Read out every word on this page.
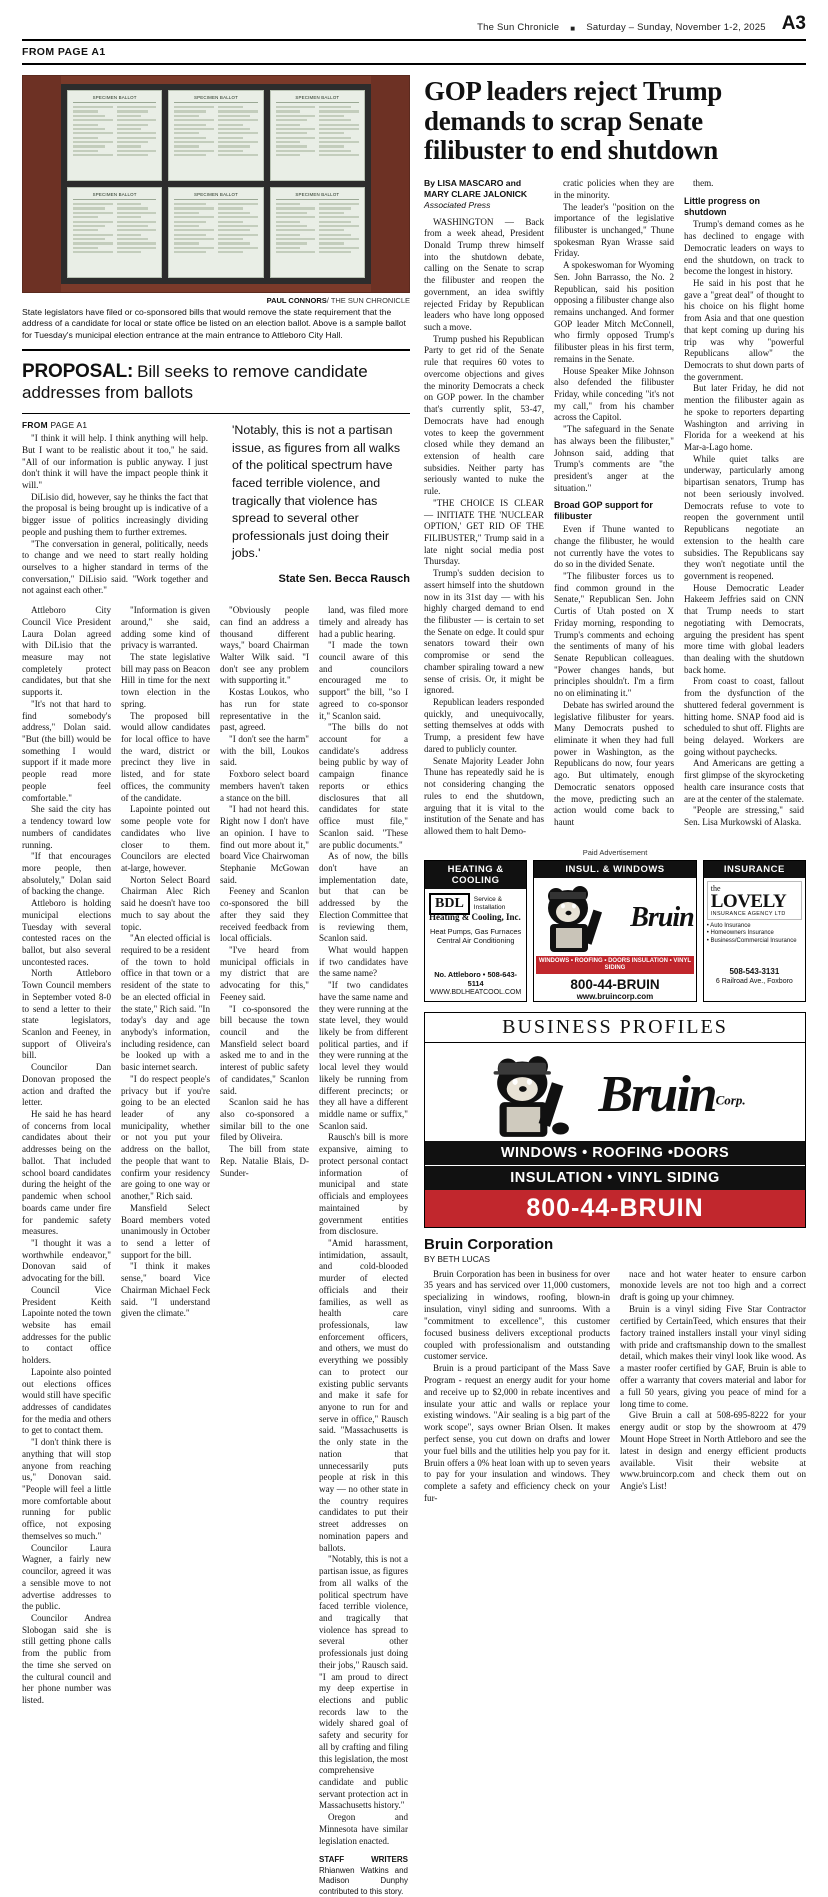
The Sun Chronicle ■ Saturday – Sunday, November 1-2, 2025 A3
FROM PAGE A1
SPECIMEN BALLOT	SPECIMEN BALLOT	SPECIMEN BALLOT
SPECIMEN BALLOT	SPECIMEN BALLOT	SPECIMEN BALLOT
PAUL CONNORS/ THE SUN CHRONICLE
State legislators have filed or co-sponsored bills that would remove the state requirement that the address of a candidate for local or state office be listed on an election ballot. Above is a sample ballot for Tuesday's municipal election entrance at the main entrance to Attleboro City Hall.
PROPOSAL: Bill seeks to remove candidate addresses from ballots
FROM PAGE A1

"I think it will help. I think anything will help. But I want to be realistic about it too," he said. "All of our information is public anyway. I just don't think it will have the impact people think it will."

DiLisio did, however, say he thinks the fact that the proposal is being brought up is indicative of a bigger issue of politics increasingly dividing people and pushing them to further extremes.

"The conversation in general, politically, needs to change and we need to start really holding ourselves to a higher standard in terms of the conversation," DiLisio said. "Work together and not against each other."

'Notably, this is not a partisan issue, as figures from all walks of the political spectrum have faced terrible violence, and tragically that violence has spread to several other professionals just doing their jobs.'
State Sen. Becca Rausch

Attleboro City Council Vice President Laura Dolan agreed with DiLisio that the measure may not completely protect candidates, but that she supports it.

"It's not that hard to find somebody's address," Dolan said. "But (the bill) would be something I would support if it made more people read more people feel comfortable."

She said the city has a tendency toward low numbers of candidates running.

"If that encourages more people, then absolutely," Dolan said of backing the change.

Attleboro is holding municipal elections Tuesday with several contested races on the ballot, but also several uncontested races.

North Attleboro Town Council members in September voted 8-0 to send a letter to their state legislators, Scanlon and Feeney, in support of Oliveira's bill.

Councilor Dan Donovan proposed the action and drafted the letter.

He said he has heard of concerns from local candidates about their addresses being on the ballot. That included school board candidates during the height of the pandemic when school boards came under fire for pandemic safety measures.

"I thought it was a worthwhile endeavor," Donovan said of advocating for the bill.

Council Vice President Keith Lapointe noted the town website has email addresses for the public to contact office holders.

Lapointe also pointed out elections offices would still have specific addresses of candidates for the media and others to get to contact them.

"I don't think there is anything that will stop anyone from reaching us," Donovan said. "People will feel a little more comfortable about running for public office, not exposing themselves so much."

Councilor Laura Wagner, a fairly new councilor, agreed it was a sensible move to not advertise addresses to the public.

Councilor Andrea Slobogan said she is still getting phone calls from the public from the time she served on the cultural council and her phone number was listed.

"Information is given around," she said, adding some kind of privacy is warranted.

The state legislative bill may pass on Beacon Hill in time for the next town election in the spring.

The proposed bill would allow candidates for local office to have the ward, district or precinct they live in listed, and for state offices, the community of the candidate.

Lapointe pointed out some people vote for candidates who live closer to them. Councilors are elected at-large, however.

Norton Select Board Chairman Alec Rich said he doesn't have too much to say about the topic.

"An elected official is required to be a resident of the town to hold office in that town or a resident of the state to be an elected official in the state," Rich said. "In today's day and age anybody's information, including residence, can be looked up with a basic internet search.

"I do respect people's privacy but if you're going to be an elected leader of any municipality, whether or not you put your address on the ballot, the people that want to confirm your residency are going to one way or another," Rich said.

Mansfield Select Board members voted unanimously in October to send a letter of support for the bill.

"I think it makes sense," board Vice Chairman Michael Feck said. "I understand given the climate."

"Obviously people can find an address a thousand different ways," board Chairman Walter Wilk said. "I don't see any problem with supporting it."

Kostas Loukos, who has run for state representative in the past, agreed.

"I don't see the harm" with the bill, Loukos said.

Foxboro select board members haven't taken a stance on the bill.

"I had not heard this. Right now I don't have an opinion. I have to find out more about it," board Vice Chairwoman Stephanie McGowan said.

Feeney and Scanlon co-sponsored the bill after they said they received feedback from local officials.

"I've heard from municipal officials in my district that are advocating for this," Feeney said.

"I co-sponsored the bill because the town council and the Mansfield select board asked me to and in the interest of public safety of candidates," Scanlon said.

Scanlon said he has also co-sponsored a similar bill to the one filed by Oliveira.

The bill from state Rep. Natalie Blais, D-Sunder-

land, was filed more timely and already has had a public hearing.

"I made the town council aware of this and councilors encouraged me to support" the bill, "so I agreed to co-sponsor it," Scanlon said.

"The bills do not account for a candidate's address being public by way of campaign finance reports or ethics disclosures that all candidates for state office must file," Scanlon said. "These are public documents."

As of now, the bills don't have an implementation date, but that can be addressed by the Election Committee that is reviewing them, Scanlon said.

What would happen if two candidates have the same name?

"If two candidates have the same name and they were running at the state level, they would likely be from different political parties, and if they were running at the local level they would likely be running from different precincts; or they all have a different middle name or suffix," Scanlon said.

Rausch's bill is more expansive, aiming to protect personal contact information of municipal and state officials and employees maintained by government entities from disclosure.

"Amid harassment, intimidation, assault, and cold-blooded murder of elected officials and their families, as well as health care professionals, law enforcement officers, and others, we must do everything we possibly can to protect our existing public servants and make it safe for anyone to run for and serve in office," Rausch said. "Massachusetts is the only state in the nation that unnecessarily puts people at risk in this way — no other state in the country requires candidates to put their street addresses on nomination papers and ballots.

"Notably, this is not a partisan issue, as figures from all walks of the political spectrum have faced terrible violence, and tragically that violence has spread to several other professionals just doing their jobs," Rausch said. "I am proud to direct my deep expertise in elections and public records law to the widely shared goal of safety and security for all by crafting and filing this legislation, the most comprehensive candidate and public servant protection act in Massachusetts history."

Oregon and Minnesota have similar legislation enacted.

STAFF WRITERS Rhianwen Watkins and Madison Dunphy contributed to this story.
GOP leaders reject Trump demands to scrap Senate filibuster to end shutdown
By LISA MASCARO and MARY CLARE JALONICK
Associated Press

WASHINGTON — Back from a week ahead, President Donald Trump threw himself into the shutdown debate, calling on the Senate to scrap the filibuster and reopen the government, an idea swiftly rejected Friday by Republican leaders who have long opposed such a move.

Trump pushed his Republican Party to get rid of the Senate rule that requires 60 votes to overcome objections and gives the minority Democrats a check on GOP power. In the chamber that's currently split, 53-47, Democrats have had enough votes to keep the government closed while they demand an extension of health care subsidies. Neither party has seriously wanted to nuke the rule.

"THE CHOICE IS CLEAR — INITIATE THE 'NUCLEAR OPTION,' GET RID OF THE FILIBUSTER," Trump said in a late night social media post Thursday.

Trump's sudden decision to assert himself into the shutdown now in its 31st day — with his highly charged demand to end the filibuster — is certain to set the Senate on edge. It could spur senators toward their own compromise or send the chamber spiraling toward a new sense of crisis. Or, it might be ignored.

Republican leaders responded quickly, and unequivocally, setting themselves at odds with Trump, a president few have dared to publicly counter.

Senate Majority Leader John Thune has repeatedly said he is not considering changing the rules to end the shutdown, arguing that it is vital to the institution of the Senate and has allowed them to halt Demo-

cratic policies when they are in the minority.

The leader's "position on the importance of the legislative filibuster is unchanged," Thune spokesman Ryan Wrasse said Friday.

A spokeswoman for Wyoming Sen. John Barrasso, the No. 2 Republican, said his position opposing a filibuster change also remains unchanged. And former GOP leader Mitch McConnell, who firmly opposed Trump's filibuster pleas in his first term, remains in the Senate.

House Speaker Mike Johnson also defended the filibuster Friday, while conceding "it's not my call," from his chamber across the Capitol.

"The safeguard in the Senate has always been the filibuster," Johnson said, adding that Trump's comments are "the president's anger at the situation."

Broad GOP support for filibuster

Even if Thune wanted to change the filibuster, he would not currently have the votes to do so in the divided Senate.

"The filibuster forces us to find common ground in the Senate," Republican Sen. John Curtis of Utah posted on X Friday morning, responding to Trump's comments and echoing the sentiments of many of his Senate Republican colleagues. "Power changes hands, but principles shouldn't. I'm a firm no on eliminating it."

Debate has swirled around the legislative filibuster for years. Many Democrats pushed to eliminate it when they had full power in Washington, as the Republicans do now, four years ago. But ultimately, enough Democratic senators opposed the move, predicting such an action would come back to haunt

them.

Little progress on shutdown

Trump's demand comes as he has declined to engage with Democratic leaders on ways to end the shutdown, on track to become the longest in history.

He said in his post that he gave a "great deal" of thought to his choice on his flight home from Asia and that one question that kept coming up during his trip was why "powerful Republicans allow" the Democrats to shut down parts of the government.

But later Friday, he did not mention the filibuster again as he spoke to reporters departing Washington and arriving in Florida for a weekend at his Mar-a-Lago home.

While quiet talks are underway, particularly among bipartisan senators, Trump has not been seriously involved. Democrats refuse to vote to reopen the government until Republicans negotiate an extension to the health care subsidies. The Republicans say they won't negotiate until the government is reopened.

House Democratic Leader Hakeem Jeffries said on CNN that Trump needs to start negotiating with Democrats, arguing the president has spent more time with global leaders than dealing with the shutdown back home.

From coast to coast, fallout from the dysfunction of the shuttered federal government is hitting home. SNAP food aid is scheduled to shut off. Flights are being delayed. Workers are going without paychecks.

And Americans are getting a first glimpse of the skyrocketing health care insurance costs that are at the center of the stalemate.

"People are stressing," said Sen. Lisa Murkowski of Alaska.

Paid Advertisement
HEATING & COOLING
BDL	Service &
Installation
Heating & Cooling, Inc.
Heat Pumps, Gas Furnaces
Central Air Conditioning
No. Attleboro • 508-643-5114
WWW.BDLHEATCOOL.COM
INSUL. & WINDOWS
Bruin
WINDOWS • ROOFING • DOORS INSULATION • VINYL SIDING
800-44-BRUIN
www.bruincorp.com
INSURANCE
the
LOVELY
INSURANCE AGENCY LTD
• Auto Insurance
• Homeowners Insurance
• Business/Commercial Insurance
508-543-3131
6 Railroad Ave., Foxboro
BUSINESS PROFILES
Bruin$^{Corp.}$
WINDOWS • ROOFING •DOORS
INSULATION • VINYL SIDING
800-44-BRUIN
Bruin Corporation
BY BETH LUCAS

Bruin Corporation has been in business for over 35 years and has serviced over 11,000 customers, specializing in windows, roofing, blown-in insulation, vinyl siding and sunrooms. With a "commitment to excellence", this customer focused business delivers exceptional products coupled with professionalism and outstanding customer service.

Bruin is a proud participant of the Mass Save Program - request an energy audit for your home and receive up to $2,000 in rebate incentives and insulate your attic and walls or replace your existing windows. "Air sealing is a big part of the work scope", says owner Brian Olsen. It makes perfect sense, you cut down on drafts and lower your fuel bills and the utilities help you pay for it. Bruin offers a 0% heat loan with up to seven years to pay for your insulation and windows. They complete a safety and efficiency check on your fur-

nace and hot water heater to ensure carbon monoxide levels are not too high and a correct draft is going up your chimney.

Bruin is a vinyl siding Five Star Contractor certified by CertainTeed, which ensures that their factory trained installers install your vinyl siding with pride and craftsmanship down to the smallest detail, which makes their vinyl look like wood. As a master roofer certified by GAF, Bruin is able to offer a warranty that covers material and labor for a full 50 years, giving you peace of mind for a long time to come.

Give Bruin a call at 508-695-8222 for your energy audit or stop by the showroom at 479 Mount Hope Street in North Attleboro and see the latest in design and energy efficient products available. Visit their website at www.bruincorp.com and check them out on Angie's List!
